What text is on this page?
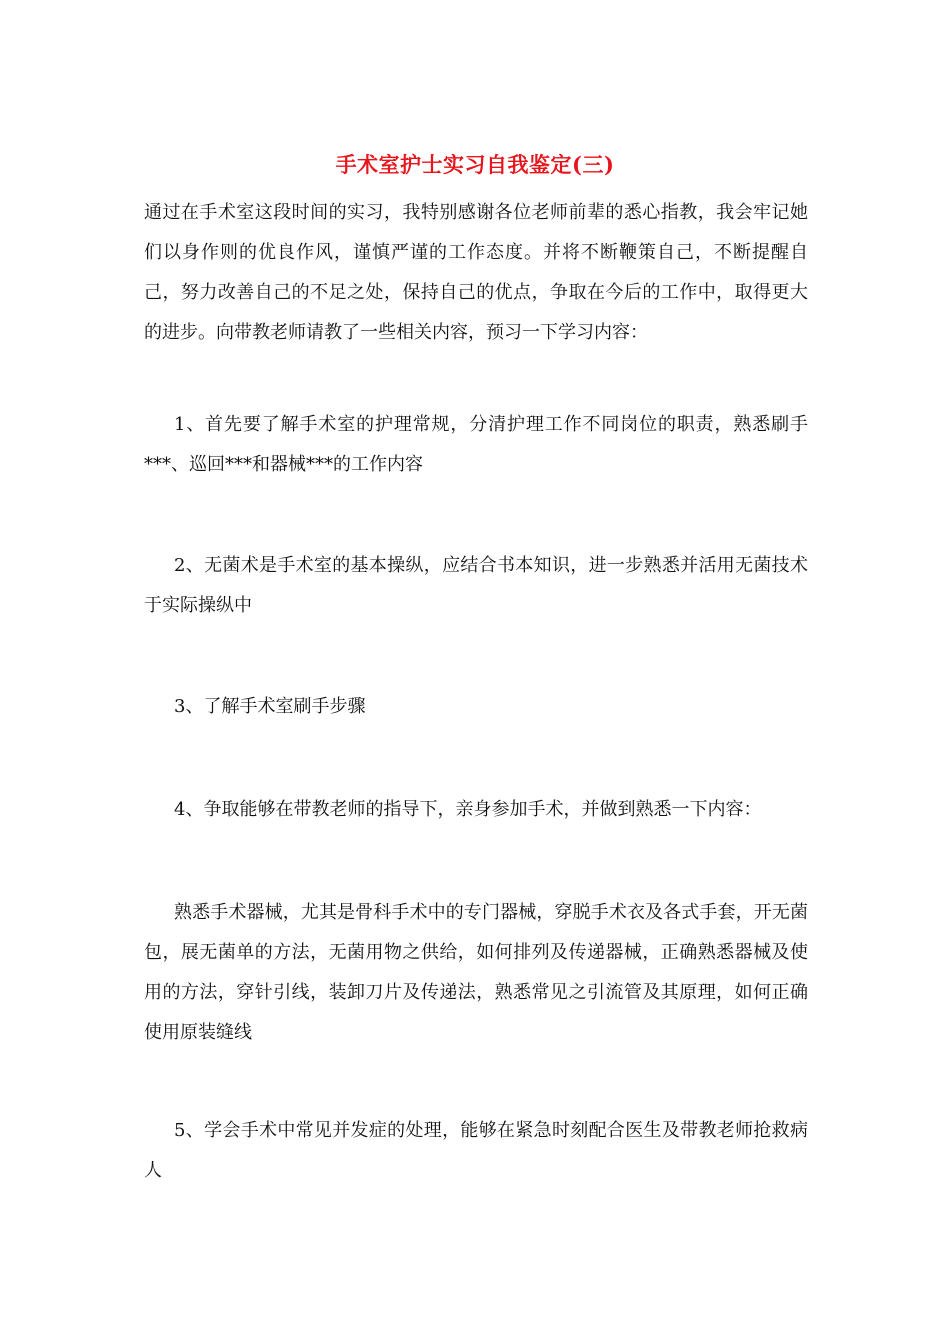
手术室护士实习自我鉴定(三)

通过在手术室这段时间的实习，我特别感谢各位老师前辈的悉心指教，我会牢记她们以身作则的优良作风，谨慎严谨的工作态度。并将不断鞭策自己，不断提醒自己，努力改善自己的不足之处，保持自己的优点，争取在今后的工作中，取得更大的进步。向带教老师请教了一些相关内容，预习一下学习内容：

1、首先要了解手术室的护理常规，分清护理工作不同岗位的职责，熟悉刷手***、巡回***和器械***的工作内容

2、无菌术是手术室的基本操纵，应结合书本知识，进一步熟悉并活用无菌技术于实际操纵中

3、了解手术室刷手步骤

4、争取能够在带教老师的指导下，亲身参加手术，并做到熟悉一下内容：

熟悉手术器械，尤其是骨科手术中的专门器械，穿脱手术衣及各式手套，开无菌包，展无菌单的方法，无菌用物之供给，如何排列及传递器械，正确熟悉器械及使用的方法，穿针引线，装卸刀片及传递法，熟悉常见之引流管及其原理，如何正确使用原装缝线

5、学会手术中常见并发症的处理，能够在紧急时刻配合医生及带教老师抢救病人
